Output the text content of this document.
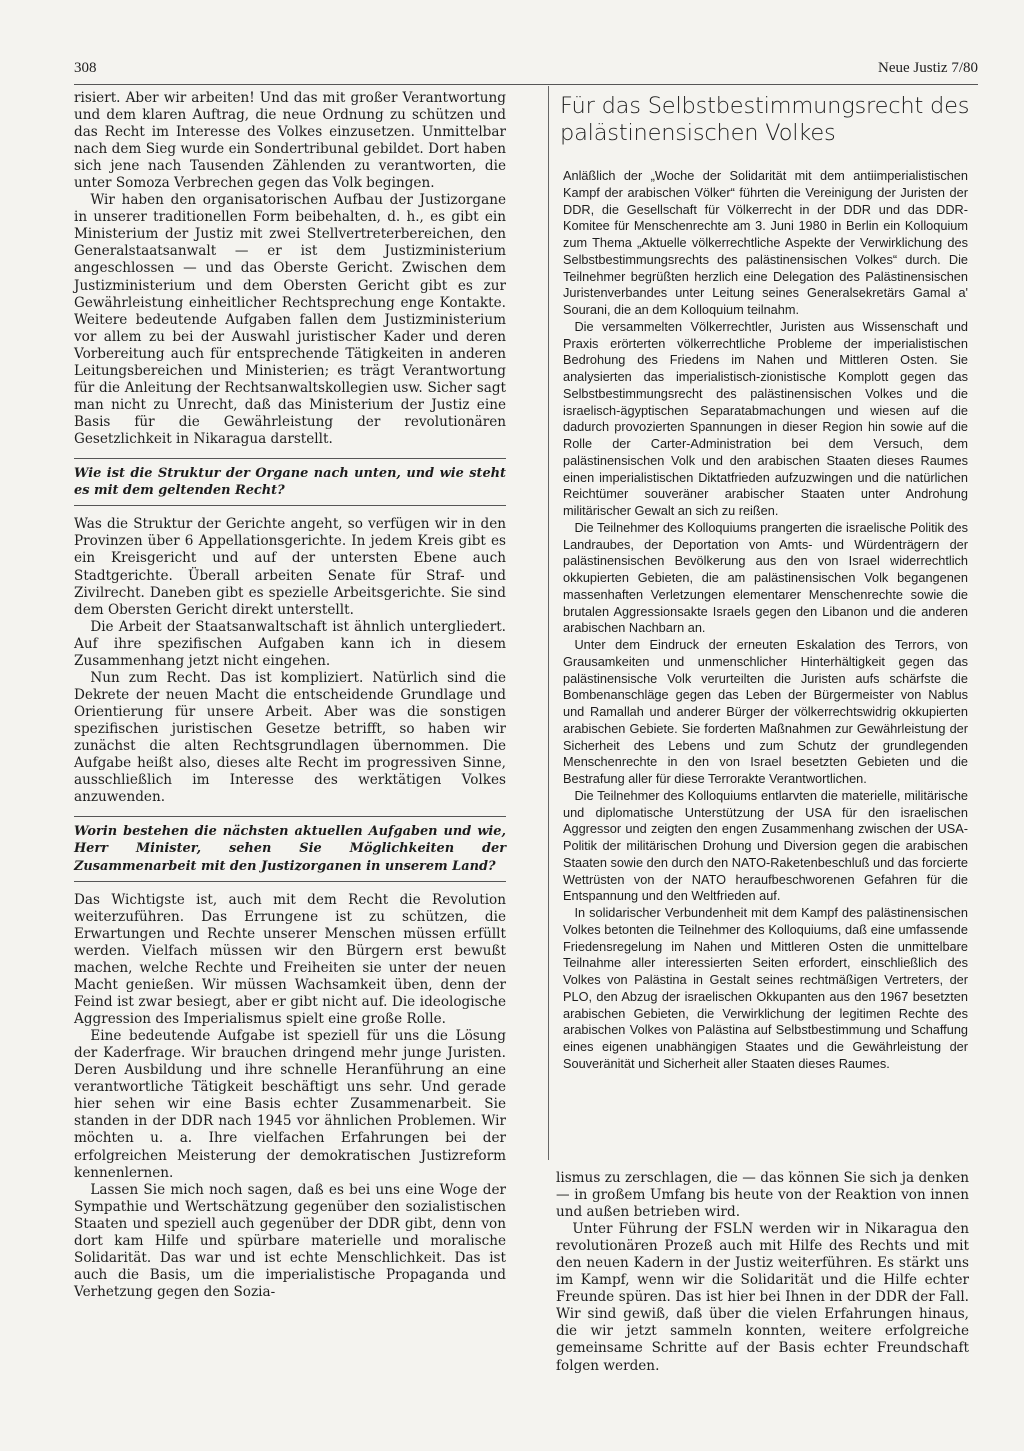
308	Neue Justiz 7/80

risiert. Aber wir arbeiten! Und das mit großer Verantwortung und dem klaren Auftrag, die neue Ordnung zu schützen und das Recht im Interesse des Volkes einzusetzen. Unmittelbar nach dem Sieg wurde ein Sondertribunal gebildet. Dort haben sich jene nach Tausenden Zählenden zu verantworten, die unter Somoza Verbrechen gegen das Volk begingen.

Wir haben den organisatorischen Aufbau der Justizorgane in unserer traditionellen Form beibehalten, d. h., es gibt ein Ministerium der Justiz mit zwei Stellvertreterbereichen, den Generalstaatsanwalt — er ist dem Justizministerium angeschlossen — und das Oberste Gericht. Zwischen dem Justizministerium und dem Obersten Gericht gibt es zur Gewährleistung einheitlicher Rechtsprechung enge Kontakte. Weitere bedeutende Aufgaben fallen dem Justizministerium vor allem zu bei der Auswahl juristischer Kader und deren Vorbereitung auch für entsprechende Tätigkeiten in anderen Leitungsbereichen und Ministerien; es trägt Verantwortung für die Anleitung der Rechtsanwaltskollegien usw. Sicher sagt man nicht zu Unrecht, daß das Ministerium der Justiz eine Basis für die Gewährleistung der revolutionären Gesetzlichkeit in Nikaragua darstellt.

Wie ist die Struktur der Organe nach unten, und wie steht es mit dem geltenden Recht?

Was die Struktur der Gerichte angeht, so verfügen wir in den Provinzen über 6 Appellationsgerichte. In jedem Kreis gibt es ein Kreisgericht und auf der untersten Ebene auch Stadtgerichte. Überall arbeiten Senate für Straf- und Zivilrecht. Daneben gibt es spezielle Arbeitsgerichte. Sie sind dem Obersten Gericht direkt unterstellt.

Die Arbeit der Staatsanwaltschaft ist ähnlich untergliedert. Auf ihre spezifischen Aufgaben kann ich in diesem Zusammenhang jetzt nicht eingehen.

Nun zum Recht. Das ist kompliziert. Natürlich sind die Dekrete der neuen Macht die entscheidende Grundlage und Orientierung für unsere Arbeit. Aber was die sonstigen spezifischen juristischen Gesetze betrifft, so haben wir zunächst die alten Rechtsgrundlagen übernommen. Die Aufgabe heißt also, dieses alte Recht im progressiven Sinne, ausschließlich im Interesse des werktätigen Volkes anzuwenden.

Worin bestehen die nächsten aktuellen Aufgaben und wie, Herr Minister, sehen Sie Möglichkeiten der Zusammenarbeit mit den Justizorganen in unserem Land?

Das Wichtigste ist, auch mit dem Recht die Revolution weiterzuführen. Das Errungene ist zu schützen, die Erwartungen und Rechte unserer Menschen müssen erfüllt werden. Vielfach müssen wir den Bürgern erst bewußt machen, welche Rechte und Freiheiten sie unter der neuen Macht genießen. Wir müssen Wachsamkeit üben, denn der Feind ist zwar besiegt, aber er gibt nicht auf. Die ideologische Aggression des Imperialismus spielt eine große Rolle.

Eine bedeutende Aufgabe ist speziell für uns die Lösung der Kaderfrage. Wir brauchen dringend mehr junge Juristen. Deren Ausbildung und ihre schnelle Heranführung an eine verantwortliche Tätigkeit beschäftigt uns sehr. Und gerade hier sehen wir eine Basis echter Zusammenarbeit. Sie standen in der DDR nach 1945 vor ähnlichen Problemen. Wir möchten u. a. Ihre vielfachen Erfahrungen bei der erfolgreichen Meisterung der demokratischen Justizreform kennenlernen.

Lassen Sie mich noch sagen, daß es bei uns eine Woge der Sympathie und Wertschätzung gegenüber den sozialistischen Staaten und speziell auch gegenüber der DDR gibt, denn von dort kam Hilfe und spürbare materielle und moralische Solidarität. Das war und ist echte Menschlichkeit. Das ist auch die Basis, um die imperialistische Propaganda und Verhetzung gegen den Sozia-

Für das Selbstbestimmungsrecht des palästinensischen Volkes

Anläßlich der „Woche der Solidarität mit dem antiimperialistischen Kampf der arabischen Völker“ führten die Vereinigung der Juristen der DDR, die Gesellschaft für Völkerrecht in der DDR und das DDR-Komitee für Menschenrechte am 3. Juni 1980 in Berlin ein Kolloquium zum Thema „Aktuelle völkerrechtliche Aspekte der Verwirklichung des Selbstbestimmungsrechts des palästinensischen Volkes“ durch. Die Teilnehmer begrüßten herzlich eine Delegation des Palästinensischen Juristenverbandes unter Leitung seines Generalsekretärs Gamal a' Sourani, die an dem Kolloquium teilnahm.

Die versammelten Völkerrechtler, Juristen aus Wissenschaft und Praxis erörterten völkerrechtliche Probleme der imperialistischen Bedrohung des Friedens im Nahen und Mittleren Osten. Sie analysierten das imperialistisch-zionistische Komplott gegen das Selbstbestimmungsrecht des palästinensischen Volkes und die israelisch-ägyptischen Separatabmachungen und wiesen auf die dadurch provozierten Spannungen in dieser Region hin sowie auf die Rolle der Carter-Administration bei dem Versuch, dem palästinensischen Volk und den arabischen Staaten dieses Raumes einen imperialistischen Diktatfrieden aufzuzwingen und die natürlichen Reichtümer souveräner arabischer Staaten unter Androhung militärischer Gewalt an sich zu reißen.

Die Teilnehmer des Kolloquiums prangerten die israelische Politik des Landraubes, der Deportation von Amts- und Würdenträgern der palästinensischen Bevölkerung aus den von Israel widerrechtlich okkupierten Gebieten, die am palästinensischen Volk begangenen massenhaften Verletzungen elementarer Menschenrechte sowie die brutalen Aggressionsakte Israels gegen den Libanon und die anderen arabischen Nachbarn an.

Unter dem Eindruck der erneuten Eskalation des Terrors, von Grausamkeiten und unmenschlicher Hinterhältigkeit gegen das palästinensische Volk verurteilten die Juristen aufs schärfste die Bombenanschläge gegen das Leben der Bürgermeister von Nablus und Ramallah und anderer Bürger der völkerrechtswidrig okkupierten arabischen Gebiete. Sie forderten Maßnahmen zur Gewährleistung der Sicherheit des Lebens und zum Schutz der grundlegenden Menschenrechte in den von Israel besetzten Gebieten und die Bestrafung aller für diese Terrorakte Verantwortlichen.

Die Teilnehmer des Kolloquiums entlarvten die materielle, militärische und diplomatische Unterstützung der USA für den israelischen Aggressor und zeigten den engen Zusammenhang zwischen der USA-Politik der militärischen Drohung und Diversion gegen die arabischen Staaten sowie den durch den NATO-Raketenbeschluß und das forcierte Wettrüsten von der NATO heraufbeschworenen Gefahren für die Entspannung und den Weltfrieden auf.

In solidarischer Verbundenheit mit dem Kampf des palästinensischen Volkes betonten die Teilnehmer des Kolloquiums, daß eine umfassende Friedensregelung im Nahen und Mittleren Osten die unmittelbare Teilnahme aller interessierten Seiten erfordert, einschließlich des Volkes von Palästina in Gestalt seines rechtmäßigen Vertreters, der PLO, den Abzug der israelischen Okkupanten aus den 1967 besetzten arabischen Gebieten, die Verwirklichung der legitimen Rechte des arabischen Volkes von Palästina auf Selbstbestimmung und Schaffung eines eigenen unabhängigen Staates und die Gewährleistung der Souveränität und Sicherheit aller Staaten dieses Raumes.

lismus zu zerschlagen, die — das können Sie sich ja denken — in großem Umfang bis heute von der Reaktion von innen und außen betrieben wird.

Unter Führung der FSLN werden wir in Nikaragua den revolutionären Prozeß auch mit Hilfe des Rechts und mit den neuen Kadern in der Justiz weiterführen. Es stärkt uns im Kampf, wenn wir die Solidarität und die Hilfe echter Freunde spüren. Das ist hier bei Ihnen in der DDR der Fall. Wir sind gewiß, daß über die vielen Erfahrungen hinaus, die wir jetzt sammeln konnten, weitere erfolgreiche gemeinsame Schritte auf der Basis echter Freundschaft folgen werden.
